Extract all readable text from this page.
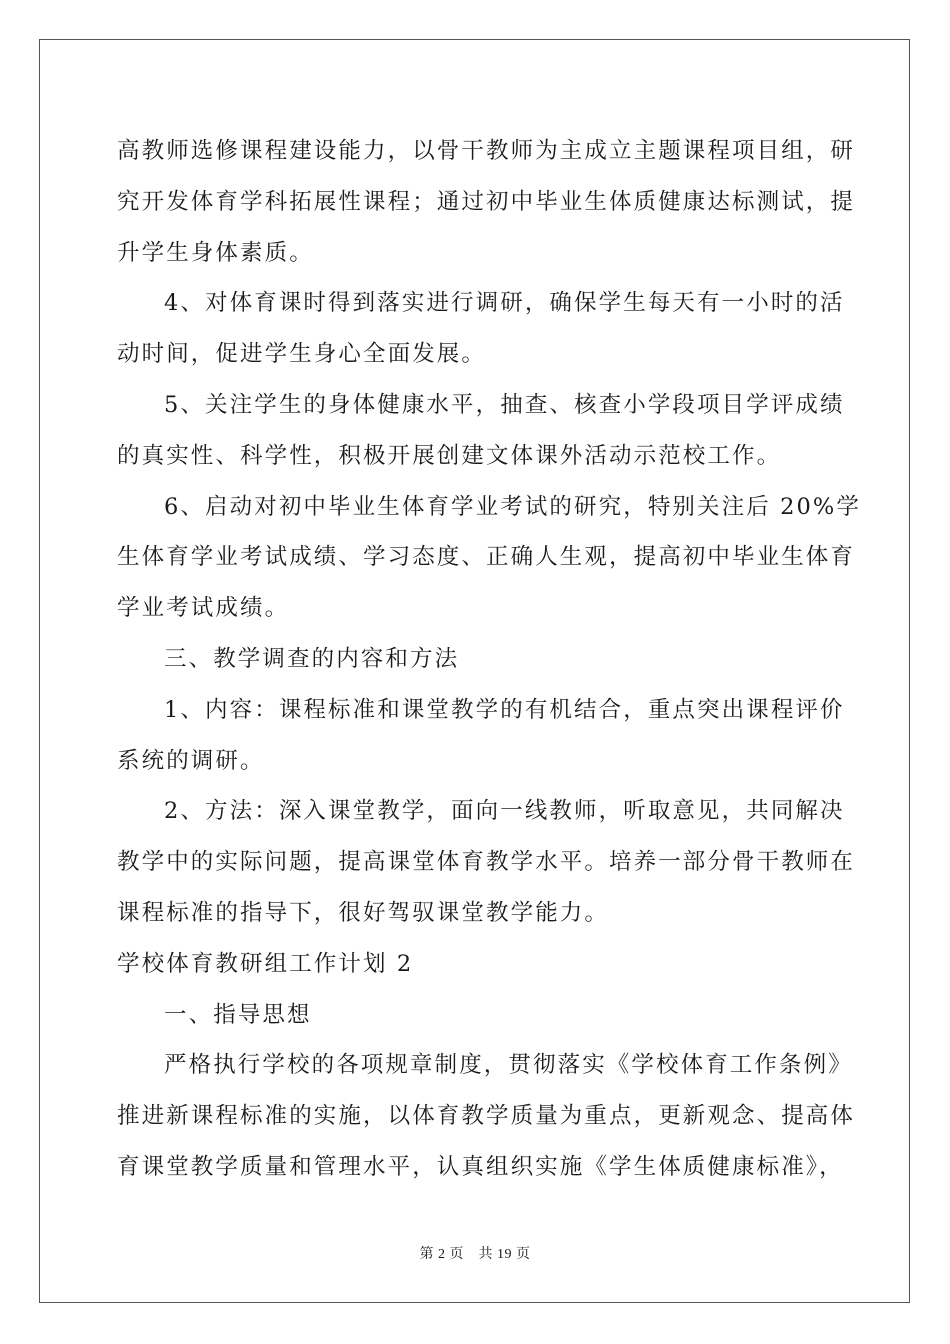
高教师选修课程建设能力，以骨干教师为主成立主题课程项目组，研
究开发体育学科拓展性课程；通过初中毕业生体质健康达标测试，提
升学生身体素质。
4、对体育课时得到落实进行调研，确保学生每天有一小时的活
动时间，促进学生身心全面发展。
5、关注学生的身体健康水平，抽查、核查小学段项目学评成绩
的真实性、科学性，积极开展创建文体课外活动示范校工作。
6、启动对初中毕业生体育学业考试的研究，特别关注后 20%学
生体育学业考试成绩、学习态度、正确人生观，提高初中毕业生体育
学业考试成绩。
三、教学调查的内容和方法
1、内容：课程标准和课堂教学的有机结合，重点突出课程评价
系统的调研。
2、方法：深入课堂教学，面向一线教师，听取意见，共同解决
教学中的实际问题，提高课堂体育教学水平。培养一部分骨干教师在
课程标准的指导下，很好驾驭课堂教学能力。
学校体育教研组工作计划 2
一、指导思想
严格执行学校的各项规章制度，贯彻落实《学校体育工作条例》
推进新课程标准的实施，以体育教学质量为重点，更新观念、提高体
育课堂教学质量和管理水平，认真组织实施《学生体质健康标准》，
第 2 页　共 19 页
